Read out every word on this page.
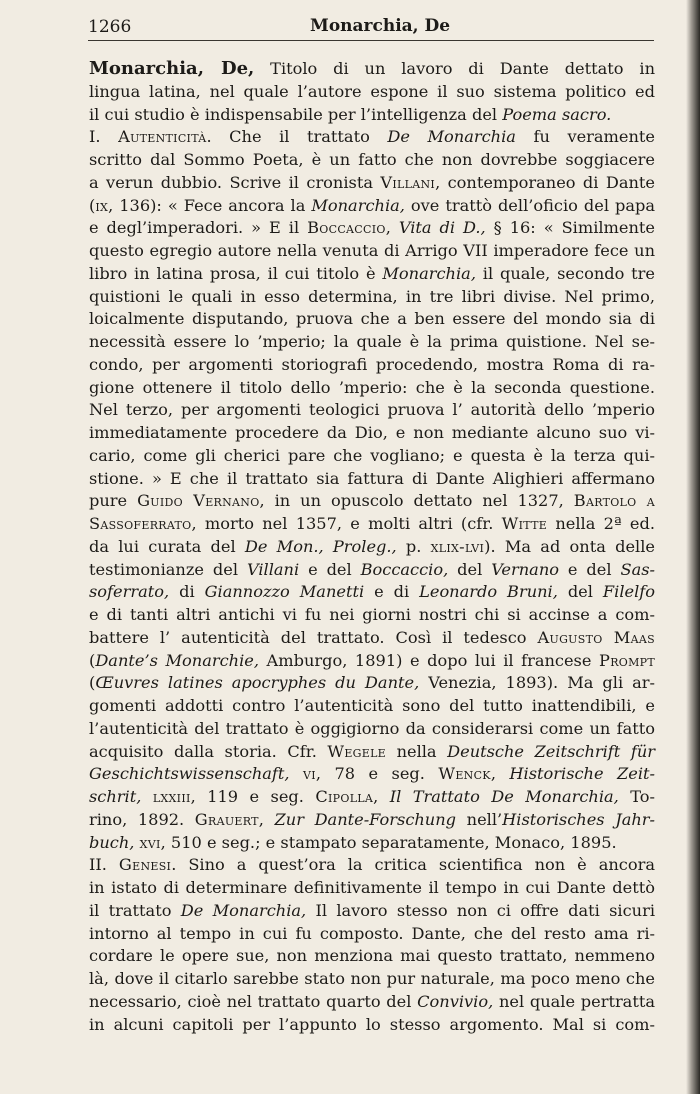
1266	Monarchia, De
Monarchia, De, Titolo di un lavoro di Dante dettato in
lingua latina, nel quale l’autore espone il suo sistema politico ed
il cui studio è indispensabile per l’intelligenza del Poema sacro.
I. Autenticità. Che il trattato De Monarchia fu veramente
scritto dal Sommo Poeta, è un fatto che non dovrebbe soggiacere
a verun dubbio. Scrive il cronista Villani, contemporaneo di Dante
(ix, 136): « Fece ancora la Monarchia, ove trattò dell’oficio del papa
e degl’imperadori. » E il Boccaccio, Vita di D., § 16: « Similmente
questo egregio autore nella venuta di Arrigo VII imperadore fece un
libro in latina prosa, il cui titolo è Monarchia, il quale, secondo tre
quistioni le quali in esso determina, in tre libri divise. Nel primo,
loicalmente disputando, pruova che a ben essere del mondo sia di
necessità essere lo ’mperio; la quale è la prima quistione. Nel se-
condo, per argomenti storiografi procedendo, mostra Roma di ra-
gione ottenere il titolo dello ’mperio: che è la seconda questione.
Nel terzo, per argomenti teologici pruova l’ autorità dello ’mperio
immediatamente procedere da Dio, e non mediante alcuno suo vi-
cario, come gli cherici pare che vogliano; e questa è la terza qui-
stione. » E che il trattato sia fattura di Dante Alighieri affermano
pure Guido Vernano, in un opuscolo dettato nel 1327, Bartolo a
Sassoferrato, morto nel 1357, e molti altri (cfr. Witte nella 2ª ed.
da lui curata del De Mon., Proleg., p. xlix-lvi). Ma ad onta delle
testimonianze del Villani e del Boccaccio, del Vernano e del Sas-
soferrato, di Giannozzo Manetti e di Leonardo Bruni, del Filelfo
e di tanti altri antichi vi fu nei giorni nostri chi si accinse a com-
battere l’ autenticità del trattato. Così il tedesco Augusto Maas
(Dante’s Monarchie, Amburgo, 1891) e dopo lui il francese Prompt
(Œuvres latines apocryphes du Dante, Venezia, 1893). Ma gli ar-
gomenti addotti contro l’autenticità sono del tutto inattendibili, e
l’autenticità del trattato è oggigiorno da considerarsi come un fatto
acquisito dalla storia. Cfr. Wegele nella Deutsche Zeitschrift für
Geschichtswissenschaft, vi, 78 e seg. Wenck, Historische Zeit-
schrit, lxxiii, 119 e seg. Cipolla, Il Trattato De Monarchia, To-
rino, 1892. Grauert, Zur Dante-Forschung nell’Historisches Jahr-
buch, xvi, 510 e seg.; e stampato separatamente, Monaco, 1895.
II. Genesi. Sino a quest’ora la critica scientifica non è ancora
in istato di determinare definitivamente il tempo in cui Dante dettò
il trattato De Monarchia, Il lavoro stesso non ci offre dati sicuri
intorno al tempo in cui fu composto. Dante, che del resto ama ri-
cordare le opere sue, non menziona mai questo trattato, nemmeno
là, dove il citarlo sarebbe stato non pur naturale, ma poco meno che
necessario, cioè nel trattato quarto del Convivio, nel quale pertratta
in alcuni capitoli per l’appunto lo stesso argomento. Mal si com-
